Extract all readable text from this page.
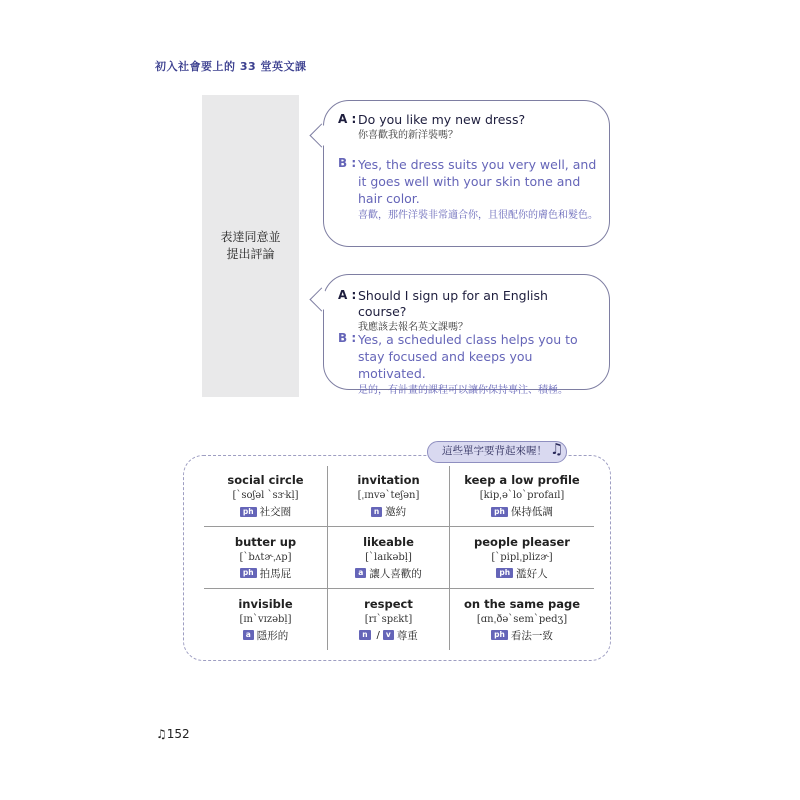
初入社會要上的 33 堂英文課
表達同意並
提出評論
A : Do you like my new dress?
你喜歡我的新洋裝嗎？
B : Yes, the dress suits you very well, and it goes well with your skin tone and hair color.
喜歡，那件洋裝非常適合你，且很配你的膚色和髮色。
A : Should I sign up for an English course?
我應該去報名英文課嗎？
B : Yes, a scheduled class helps you to stay focused and keeps you motivated.
是的，有計畫的課程可以讓你保持專注、積極。
這些單字要背起來喔！ ♫
social circle
[ˋsoʃəl ˋsɝkḷ]
ph 社交圈
invitation
[ˌɪnvəˋteʃən]
n 邀約
keep a low profile
[kipˌəˋloˋprofaɪl]
ph 保持低調
butter up
[ˋbʌtɚˌʌp]
ph 拍馬屁
likeable
[ˋlaɪkəbḷ]
a 讓人喜歡的
people pleaser
[ˋpiplˌplizɚ]
ph 濫好人
invisible
[ɪnˋvɪzəbḷ]
a 隱形的
respect
[rɪˋspɛkt]
n / v 尊重
on the same page
[ɑnˌðəˋsemˋpedʒ]
ph 看法一致
♫152
